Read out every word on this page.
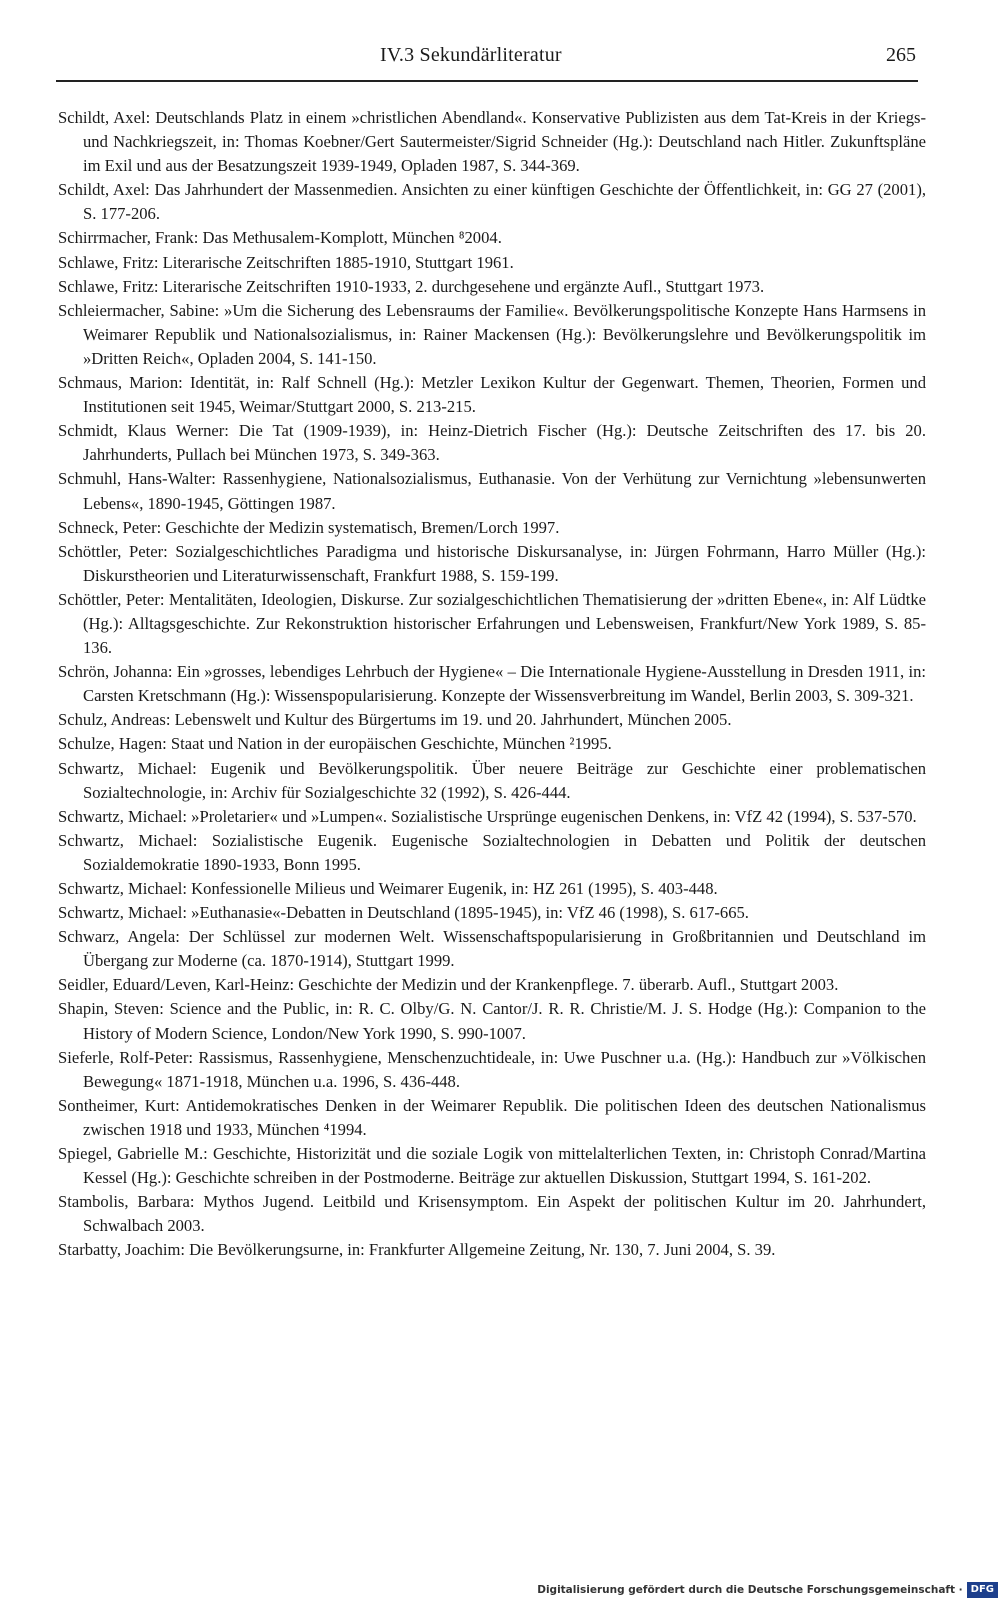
IV.3 Sekundärliteratur	265

Schildt, Axel: Deutschlands Platz in einem »christlichen Abendland«. Konservative Publizisten aus dem Tat-Kreis in der Kriegs- und Nachkriegszeit, in: Thomas Koebner/Gert Sautermeister/Sigrid Schneider (Hg.): Deutschland nach Hitler. Zukunftspläne im Exil und aus der Besatzungszeit 1939-1949, Opladen 1987, S. 344-369.

Schildt, Axel: Das Jahrhundert der Massenmedien. Ansichten zu einer künftigen Geschichte der Öffentlichkeit, in: GG 27 (2001), S. 177-206.

Schirrmacher, Frank: Das Methusalem-Komplott, München ⁸2004.

Schlawe, Fritz: Literarische Zeitschriften 1885-1910, Stuttgart 1961.

Schlawe, Fritz: Literarische Zeitschriften 1910-1933, 2. durchgesehene und ergänzte Aufl., Stuttgart 1973.

Schleiermacher, Sabine: »Um die Sicherung des Lebensraums der Familie«. Bevölkerungspolitische Konzepte Hans Harmsens in Weimarer Republik und Nationalsozialismus, in: Rainer Mackensen (Hg.): Bevölkerungslehre und Bevölkerungspolitik im »Dritten Reich«, Opladen 2004, S. 141-150.

Schmaus, Marion: Identität, in: Ralf Schnell (Hg.): Metzler Lexikon Kultur der Gegenwart. Themen, Theorien, Formen und Institutionen seit 1945, Weimar/Stuttgart 2000, S. 213-215.

Schmidt, Klaus Werner: Die Tat (1909-1939), in: Heinz-Dietrich Fischer (Hg.): Deutsche Zeitschriften des 17. bis 20. Jahrhunderts, Pullach bei München 1973, S. 349-363.

Schmuhl, Hans-Walter: Rassenhygiene, Nationalsozialismus, Euthanasie. Von der Verhütung zur Vernichtung »lebensunwerten Lebens«, 1890-1945, Göttingen 1987.

Schneck, Peter: Geschichte der Medizin systematisch, Bremen/Lorch 1997.

Schöttler, Peter: Sozialgeschichtliches Paradigma und historische Diskursanalyse, in: Jürgen Fohrmann, Harro Müller (Hg.): Diskurstheorien und Literaturwissenschaft, Frankfurt 1988, S. 159-199.

Schöttler, Peter: Mentalitäten, Ideologien, Diskurse. Zur sozialgeschichtlichen Thematisierung der »dritten Ebene«, in: Alf Lüdtke (Hg.): Alltagsgeschichte. Zur Rekonstruktion historischer Erfahrungen und Lebensweisen, Frankfurt/New York 1989, S. 85-136.

Schrön, Johanna: Ein »grosses, lebendiges Lehrbuch der Hygiene« – Die Internationale Hygiene-Ausstellung in Dresden 1911, in: Carsten Kretschmann (Hg.): Wissenspopularisierung. Konzepte der Wissensverbreitung im Wandel, Berlin 2003, S. 309-321.

Schulz, Andreas: Lebenswelt und Kultur des Bürgertums im 19. und 20. Jahrhundert, München 2005.

Schulze, Hagen: Staat und Nation in der europäischen Geschichte, München ²1995.

Schwartz, Michael: Eugenik und Bevölkerungspolitik. Über neuere Beiträge zur Geschichte einer problematischen Sozialtechnologie, in: Archiv für Sozialgeschichte 32 (1992), S. 426-444.

Schwartz, Michael: »Proletarier« und »Lumpen«. Sozialistische Ursprünge eugenischen Denkens, in: VfZ 42 (1994), S. 537-570.

Schwartz, Michael: Sozialistische Eugenik. Eugenische Sozialtechnologien in Debatten und Politik der deutschen Sozialdemokratie 1890-1933, Bonn 1995.

Schwartz, Michael: Konfessionelle Milieus und Weimarer Eugenik, in: HZ 261 (1995), S. 403-448.

Schwartz, Michael: »Euthanasie«-Debatten in Deutschland (1895-1945), in: VfZ 46 (1998), S. 617-665.

Schwarz, Angela: Der Schlüssel zur modernen Welt. Wissenschaftspopularisierung in Großbritannien und Deutschland im Übergang zur Moderne (ca. 1870-1914), Stuttgart 1999.

Seidler, Eduard/Leven, Karl-Heinz: Geschichte der Medizin und der Krankenpflege. 7. überarb. Aufl., Stuttgart 2003.

Shapin, Steven: Science and the Public, in: R. C. Olby/G. N. Cantor/J. R. R. Christie/M. J. S. Hodge (Hg.): Companion to the History of Modern Science, London/New York 1990, S. 990-1007.

Sieferle, Rolf-Peter: Rassismus, Rassenhygiene, Menschenzuchtideale, in: Uwe Puschner u.a. (Hg.): Handbuch zur »Völkischen Bewegung« 1871-1918, München u.a. 1996, S. 436-448.

Sontheimer, Kurt: Antidemokratisches Denken in der Weimarer Republik. Die politischen Ideen des deutschen Nationalismus zwischen 1918 und 1933, München ⁴1994.

Spiegel, Gabrielle M.: Geschichte, Historizität und die soziale Logik von mittelalterlichen Texten, in: Christoph Conrad/Martina Kessel (Hg.): Geschichte schreiben in der Postmoderne. Beiträge zur aktuellen Diskussion, Stuttgart 1994, S. 161-202.

Stambolis, Barbara: Mythos Jugend. Leitbild und Krisensymptom. Ein Aspekt der politischen Kultur im 20. Jahrhundert, Schwalbach 2003.

Starbatty, Joachim: Die Bevölkerungsurne, in: Frankfurter Allgemeine Zeitung, Nr. 130, 7. Juni 2004, S. 39.

Digitalisierung gefördert durch die Deutsche Forschungsgemeinschaft · DFG
